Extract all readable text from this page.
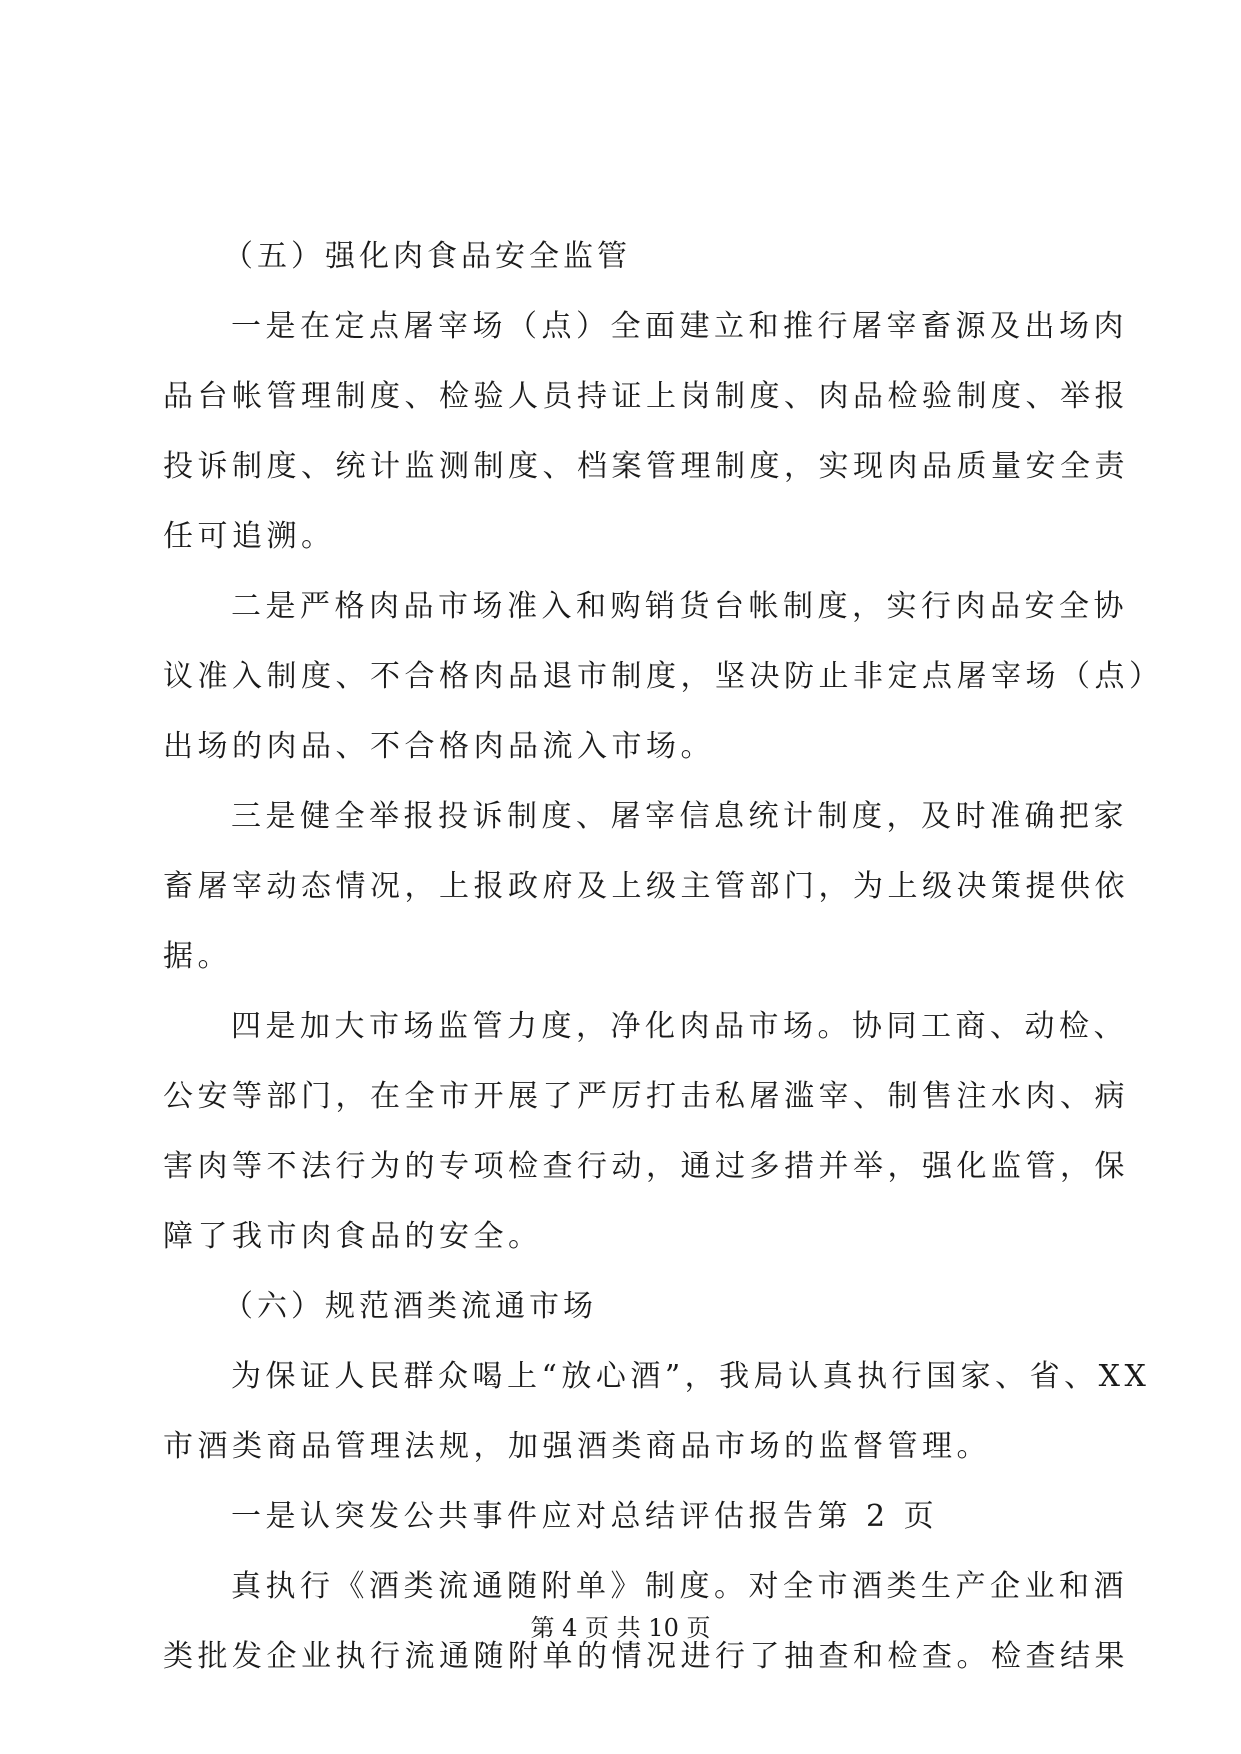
（五）强化肉食品安全监管

一是在定点屠宰场（点）全面建立和推行屠宰畜源及出场肉

品台帐管理制度、检验人员持证上岗制度、肉品检验制度、举报

投诉制度、统计监测制度、档案管理制度，实现肉品质量安全责

任可追溯。

二是严格肉品市场准入和购销货台帐制度，实行肉品安全协

议准入制度、不合格肉品退市制度，坚决防止非定点屠宰场（点）

出场的肉品、不合格肉品流入市场。

三是健全举报投诉制度、屠宰信息统计制度，及时准确把家

畜屠宰动态情况，上报政府及上级主管部门，为上级决策提供依

据。

四是加大市场监管力度，净化肉品市场。协同工商、动检、

公安等部门，在全市开展了严厉打击私屠滥宰、制售注水肉、病

害肉等不法行为的专项检查行动，通过多措并举，强化监管，保

障了我市肉食品的安全。

（六）规范酒类流通市场

为保证人民群众喝上“放心酒”，我局认真执行国家、省、XX

市酒类商品管理法规，加强酒类商品市场的监督管理。

一是认突发公共事件应对总结评估报告第 2 页

真执行《酒类流通随附单》制度。对全市酒类生产企业和酒

类批发企业执行流通随附单的情况进行了抽查和检查。检查结果

第 4 页 共 10 页
